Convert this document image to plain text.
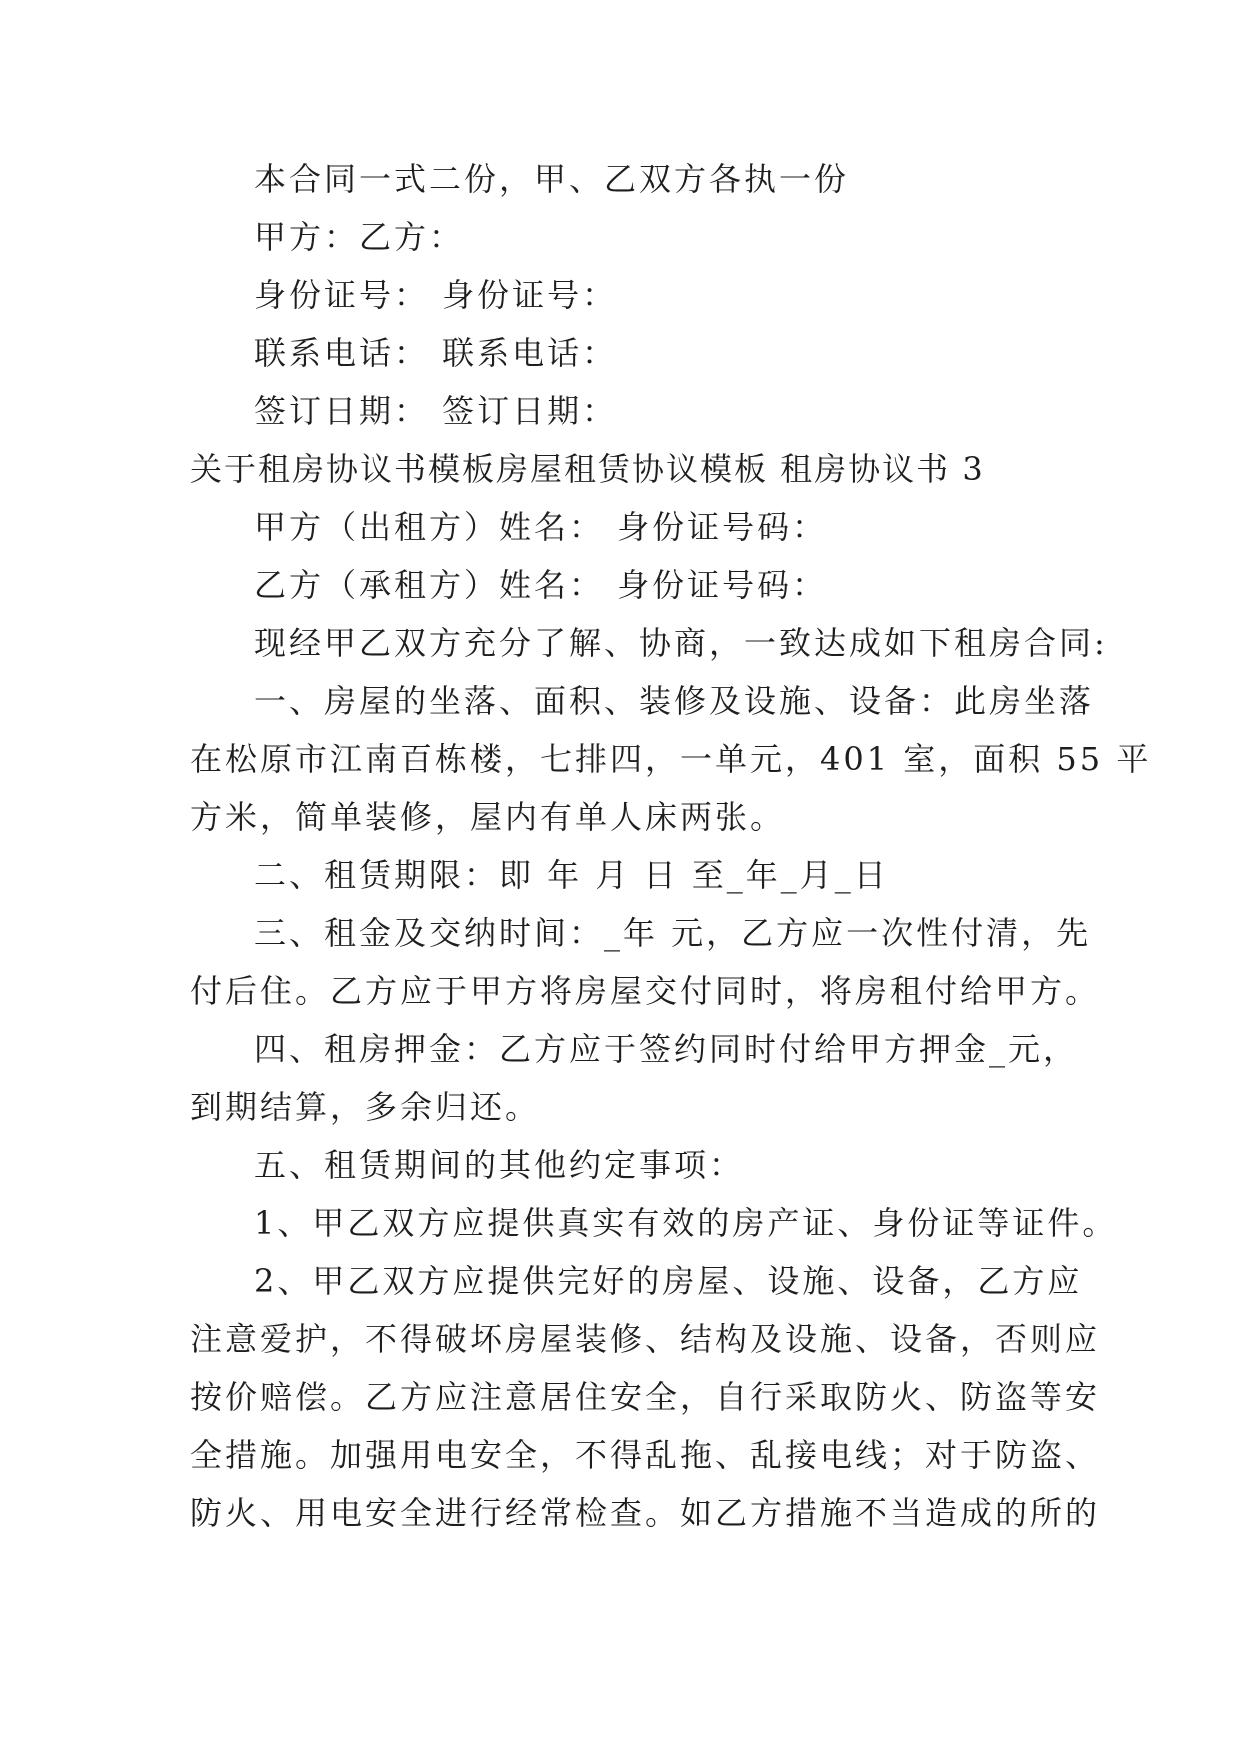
本合同一式二份，甲、乙双方各执一份
甲方：乙方：
身份证号： 身份证号：
联系电话： 联系电话：
签订日期： 签订日期：
关于租房协议书模板房屋租赁协议模板 租房协议书 3
甲方（出租方）姓名： 身份证号码：
乙方（承租方）姓名： 身份证号码：
现经甲乙双方充分了解、协商，一致达成如下租房合同:
一、房屋的坐落、面积、装修及设施、设备：此房坐落
在松原市江南百栋楼，七排四，一单元，401 室，面积 55 平
方米，简单装修，屋内有单人床两张。
二、租赁期限：即 年 月 日 至_年_月_日
三、租金及交纳时间：_年 元，乙方应一次性付清，先
付后住。乙方应于甲方将房屋交付同时，将房租付给甲方。
四、租房押金：乙方应于签约同时付给甲方押金_元，
到期结算，多余归还。
五、租赁期间的其他约定事项：
1、甲乙双方应提供真实有效的房产证、身份证等证件。
2、甲乙双方应提供完好的房屋、设施、设备，乙方应
注意爱护，不得破坏房屋装修、结构及设施、设备，否则应
按价赔偿。乙方应注意居住安全，自行采取防火、防盗等安
全措施。加强用电安全，不得乱拖、乱接电线；对于防盗、
防火、用电安全进行经常检查。如乙方措施不当造成的所的
